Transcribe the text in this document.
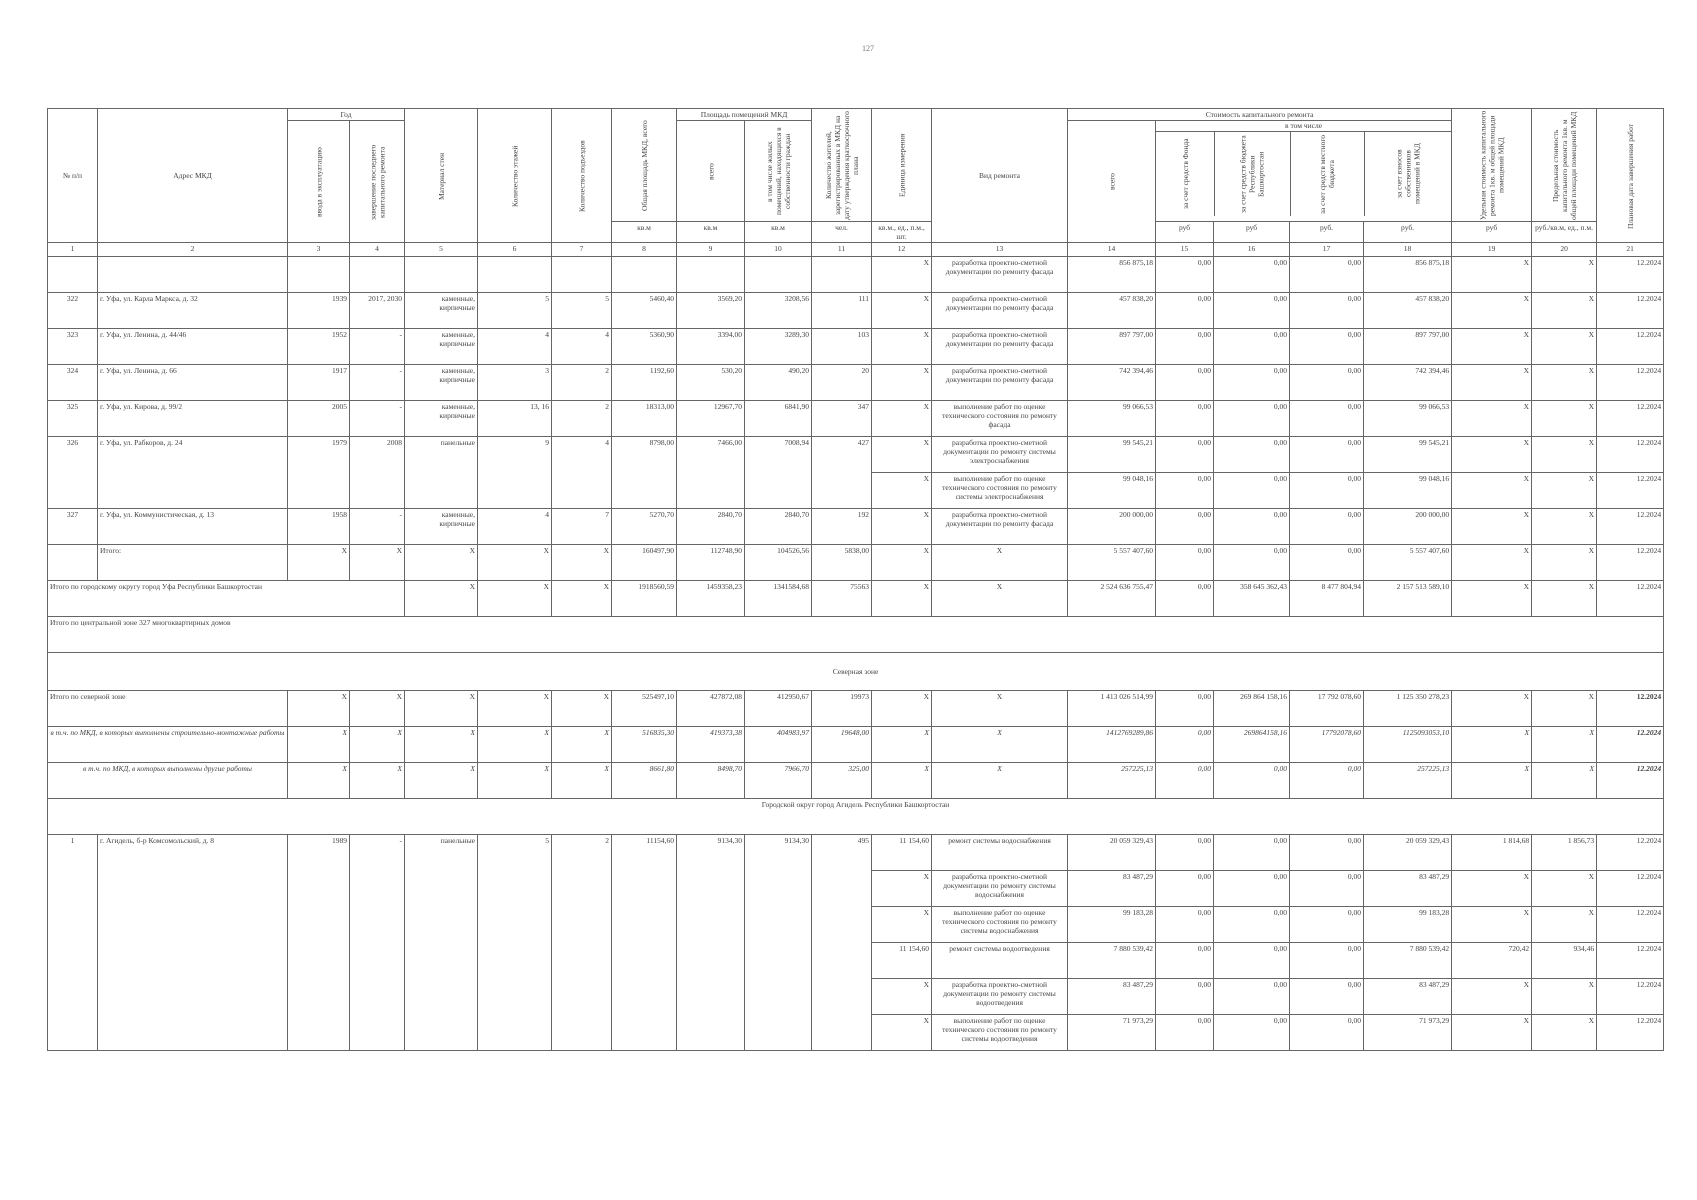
127
№ п/п	Адрес МКД	Год	Материал стен	Количество этажей	Количество подъездов	Общая площадь МКД, всего	Площадь помещений МКД	Количество жителей, зарегистрированных в МКД на дату утверждения краткосрочного плана	Единица измерения	Вид ремонта	Стоимость капитального ремонта	Удельная стоимость капитального ремонта 1кв. м общей площади помещений МКД	Предельная стоимость капитального ремонта 1кв. м общей площади помещений МКД	Плановая дата завершения работ
ввода в эксплуатацию	завершение последнего капитального ремонта	всего	в том числе жилых помещений, находящихся в собственности граждан	всего	
в том числе
за счет средств Фонда	за счет средств бюджета Республики Башкортостан	за счет средств местного бюджета	за счет взносов собственников помещений в МКД

кв.м	кв.м	кв.м	чел.	кв.м., ед., п.м., шт.	руб	руб	руб.	руб.	руб	руб./кв.м, ед., п.м.	
1	2	3	4	5	6	7	8	9	10	11	12	13	14	15	16	17	18	19	20	21
											X	разработка проектно-сметной документации по ремонту фасада	856 875,18	0,00	0,00	0,00	856 875,18	X	X	12.2024
322	г. Уфа, ул. Карла Маркса, д. 32	1939	2017, 2030	каменные, кирпичные	5	5	5460,40	3569,20	3208,56	111	X	разработка проектно-сметной документации по ремонту фасада	457 838,20	0,00	0,00	0,00	457 838,20	X	X	12.2024
323	г. Уфа, ул. Ленина, д. 44/46	1952	-	каменные, кирпичные	4	4	5360,90	3394,00	3289,30	103	X	разработка проектно-сметной документации по ремонту фасада	897 797,00	0,00	0,00	0,00	897 797,00	X	X	12.2024
324	г. Уфа, ул. Ленина, д. 66	1917	-	каменные, кирпичные	3	2	1192,60	530,20	490,20	20	X	разработка проектно-сметной документации по ремонту фасада	742 394,46	0,00	0,00	0,00	742 394,46	X	X	12.2024
325	г. Уфа, ул. Кирова, д. 99/2	2005	-	каменные, кирпичные	13, 16	2	18313,00	12967,70	6841,90	347	X	выполнение работ по оценке технического состояния по ремонту фасада	99 066,53	0,00	0,00	0,00	99 066,53	X	X	12.2024
326	г. Уфа, ул. Рабкоров, д. 24	1979	2008	панельные	9	4	8798,00	7466,00	7008,94	427	X	разработка проектно-сметной документации по ремонту системы электроснабжения	99 545,21	0,00	0,00	0,00	99 545,21	X	X	12.2024
X	выполнение работ по оценке технического состояния по ремонту системы электроснабжения	99 048,16	0,00	0,00	0,00	99 048,16	X	X	12.2024
327	г. Уфа, ул. Коммунистическая, д. 13	1958	-	каменные, кирпичные	4	7	5270,70	2840,70	2840,70	192	X	разработка проектно-сметной документации по ремонту фасада	200 000,00	0,00	0,00	0,00	200 000,00	X	X	12.2024
	Итого:	X	X	X	X	X	160497,90	112748,90	104526,56	5838,00	X	X	5 557 407,60	0,00	0,00	0,00	5 557 407,60	X	X	12.2024
Итого по городскому округу город Уфа Республики Башкортостан	X	X	X	1918560,59	1459358,23	1341584,68	75563	X	X	2 524 636 755,47	0,00	358 645 362,43	8 477 804,94	2 157 513 589,10	X	X	12.2024
Итого по центральной зоне 327 многоквартирных домов
Северная зоне
Итого по северной зоне	X	X	X	X	X	525497,10	427872,08	412950,67	19973	X	X	1 413 026 514,99	0,00	269 864 158,16	17 792 078,60	1 125 350 278,23	X	X	12.2024
в т.ч. по МКД, в которых выполнены строительно-монтажные работы	X	X	X	X	X	516835,30	419373,38	404983,97	19648,00	X	X	1412769289,86	0,00	269864158,16	17792078,60	1125093053,10	X	X	12.2024
в т.ч. по МКД, в которых выполнены другие работы	X	X	X	X	X	8661,80	8498,70	7966,70	325,00	X	X	257225,13	0,00	0,00	0,00	257225,13	X	X	12.2024
Городской округ город Агидель Республики Башкортостан
1	г. Агидель, б-р Комсомольский, д. 8	1989	-	панельные	5	2	11154,60	9134,30	9134,30	495	11 154,60	ремонт системы водоснабжения	20 059 329,43	0,00	0,00	0,00	20 059 329,43	1 814,68	1 856,73	12.2024
X	разработка проектно-сметной документации по ремонту системы водоснабжения	83 487,29	0,00	0,00	0,00	83 487,29	X	X	12.2024
X	выполнение работ по оценке технического состояния по ремонту системы водоснабжения	99 183,28	0,00	0,00	0,00	99 183,28	X	X	12.2024
11 154,60	ремонт системы водоотведения	7 880 539,42	0,00	0,00	0,00	7 880 539,42	720,42	934,46	12.2024
X	разработка проектно-сметной документации по ремонту системы водоотведения	83 487,29	0,00	0,00	0,00	83 487,29	X	X	12.2024
X	выполнение работ по оценке технического состояния по ремонту системы водоотведения	71 973,29	0,00	0,00	0,00	71 973,29	X	X	12.2024
